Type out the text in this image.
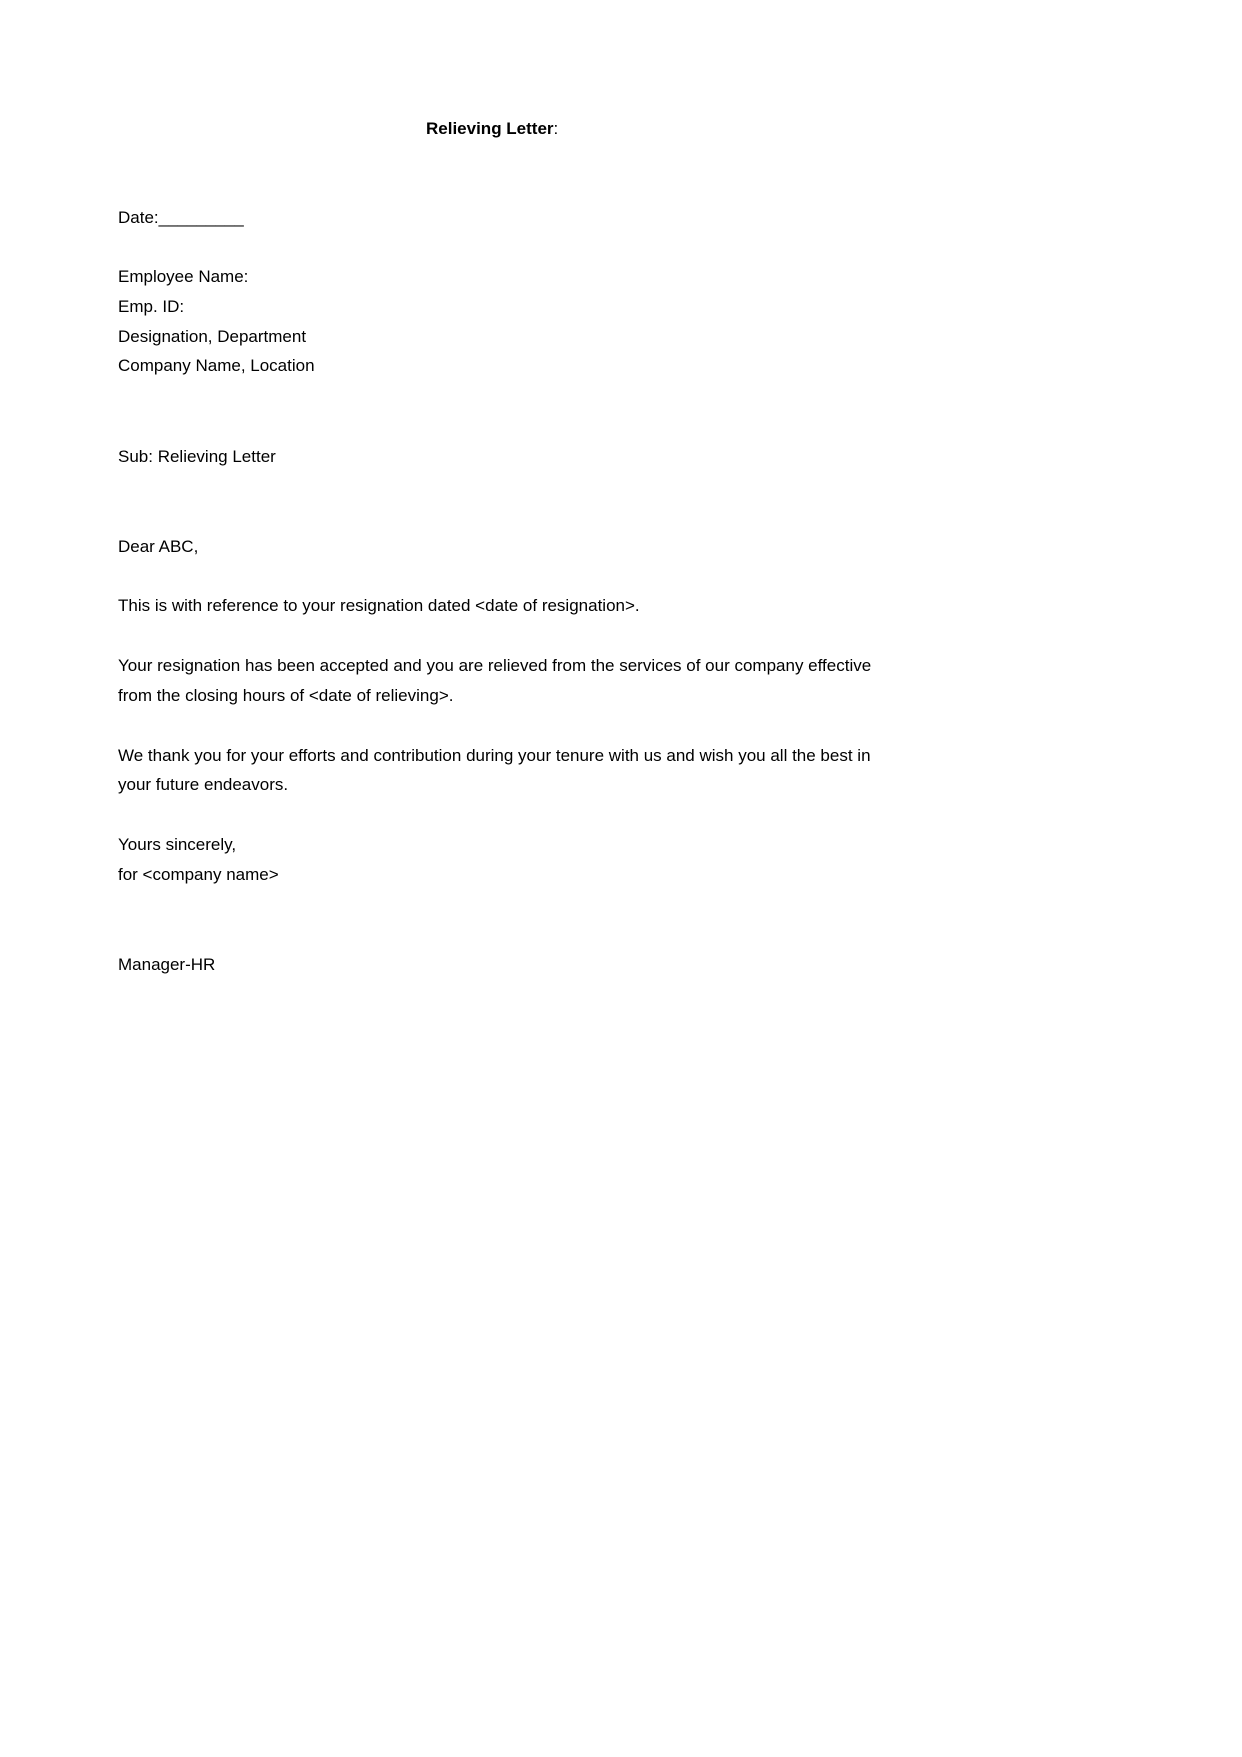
Relieving Letter:
Date:_________
Employee Name:
Emp. ID:
Designation, Department
Company Name, Location
Sub: Relieving Letter
Dear ABC,
This is with reference to your resignation dated <date of resignation>.
Your resignation has been accepted and you are relieved from the services of our company effective
from the closing hours of <date of relieving>.
We thank you for your efforts and contribution during your tenure with us and wish you all the best in
your future endeavors.
Yours sincerely,
for <company name>
Manager-HR
